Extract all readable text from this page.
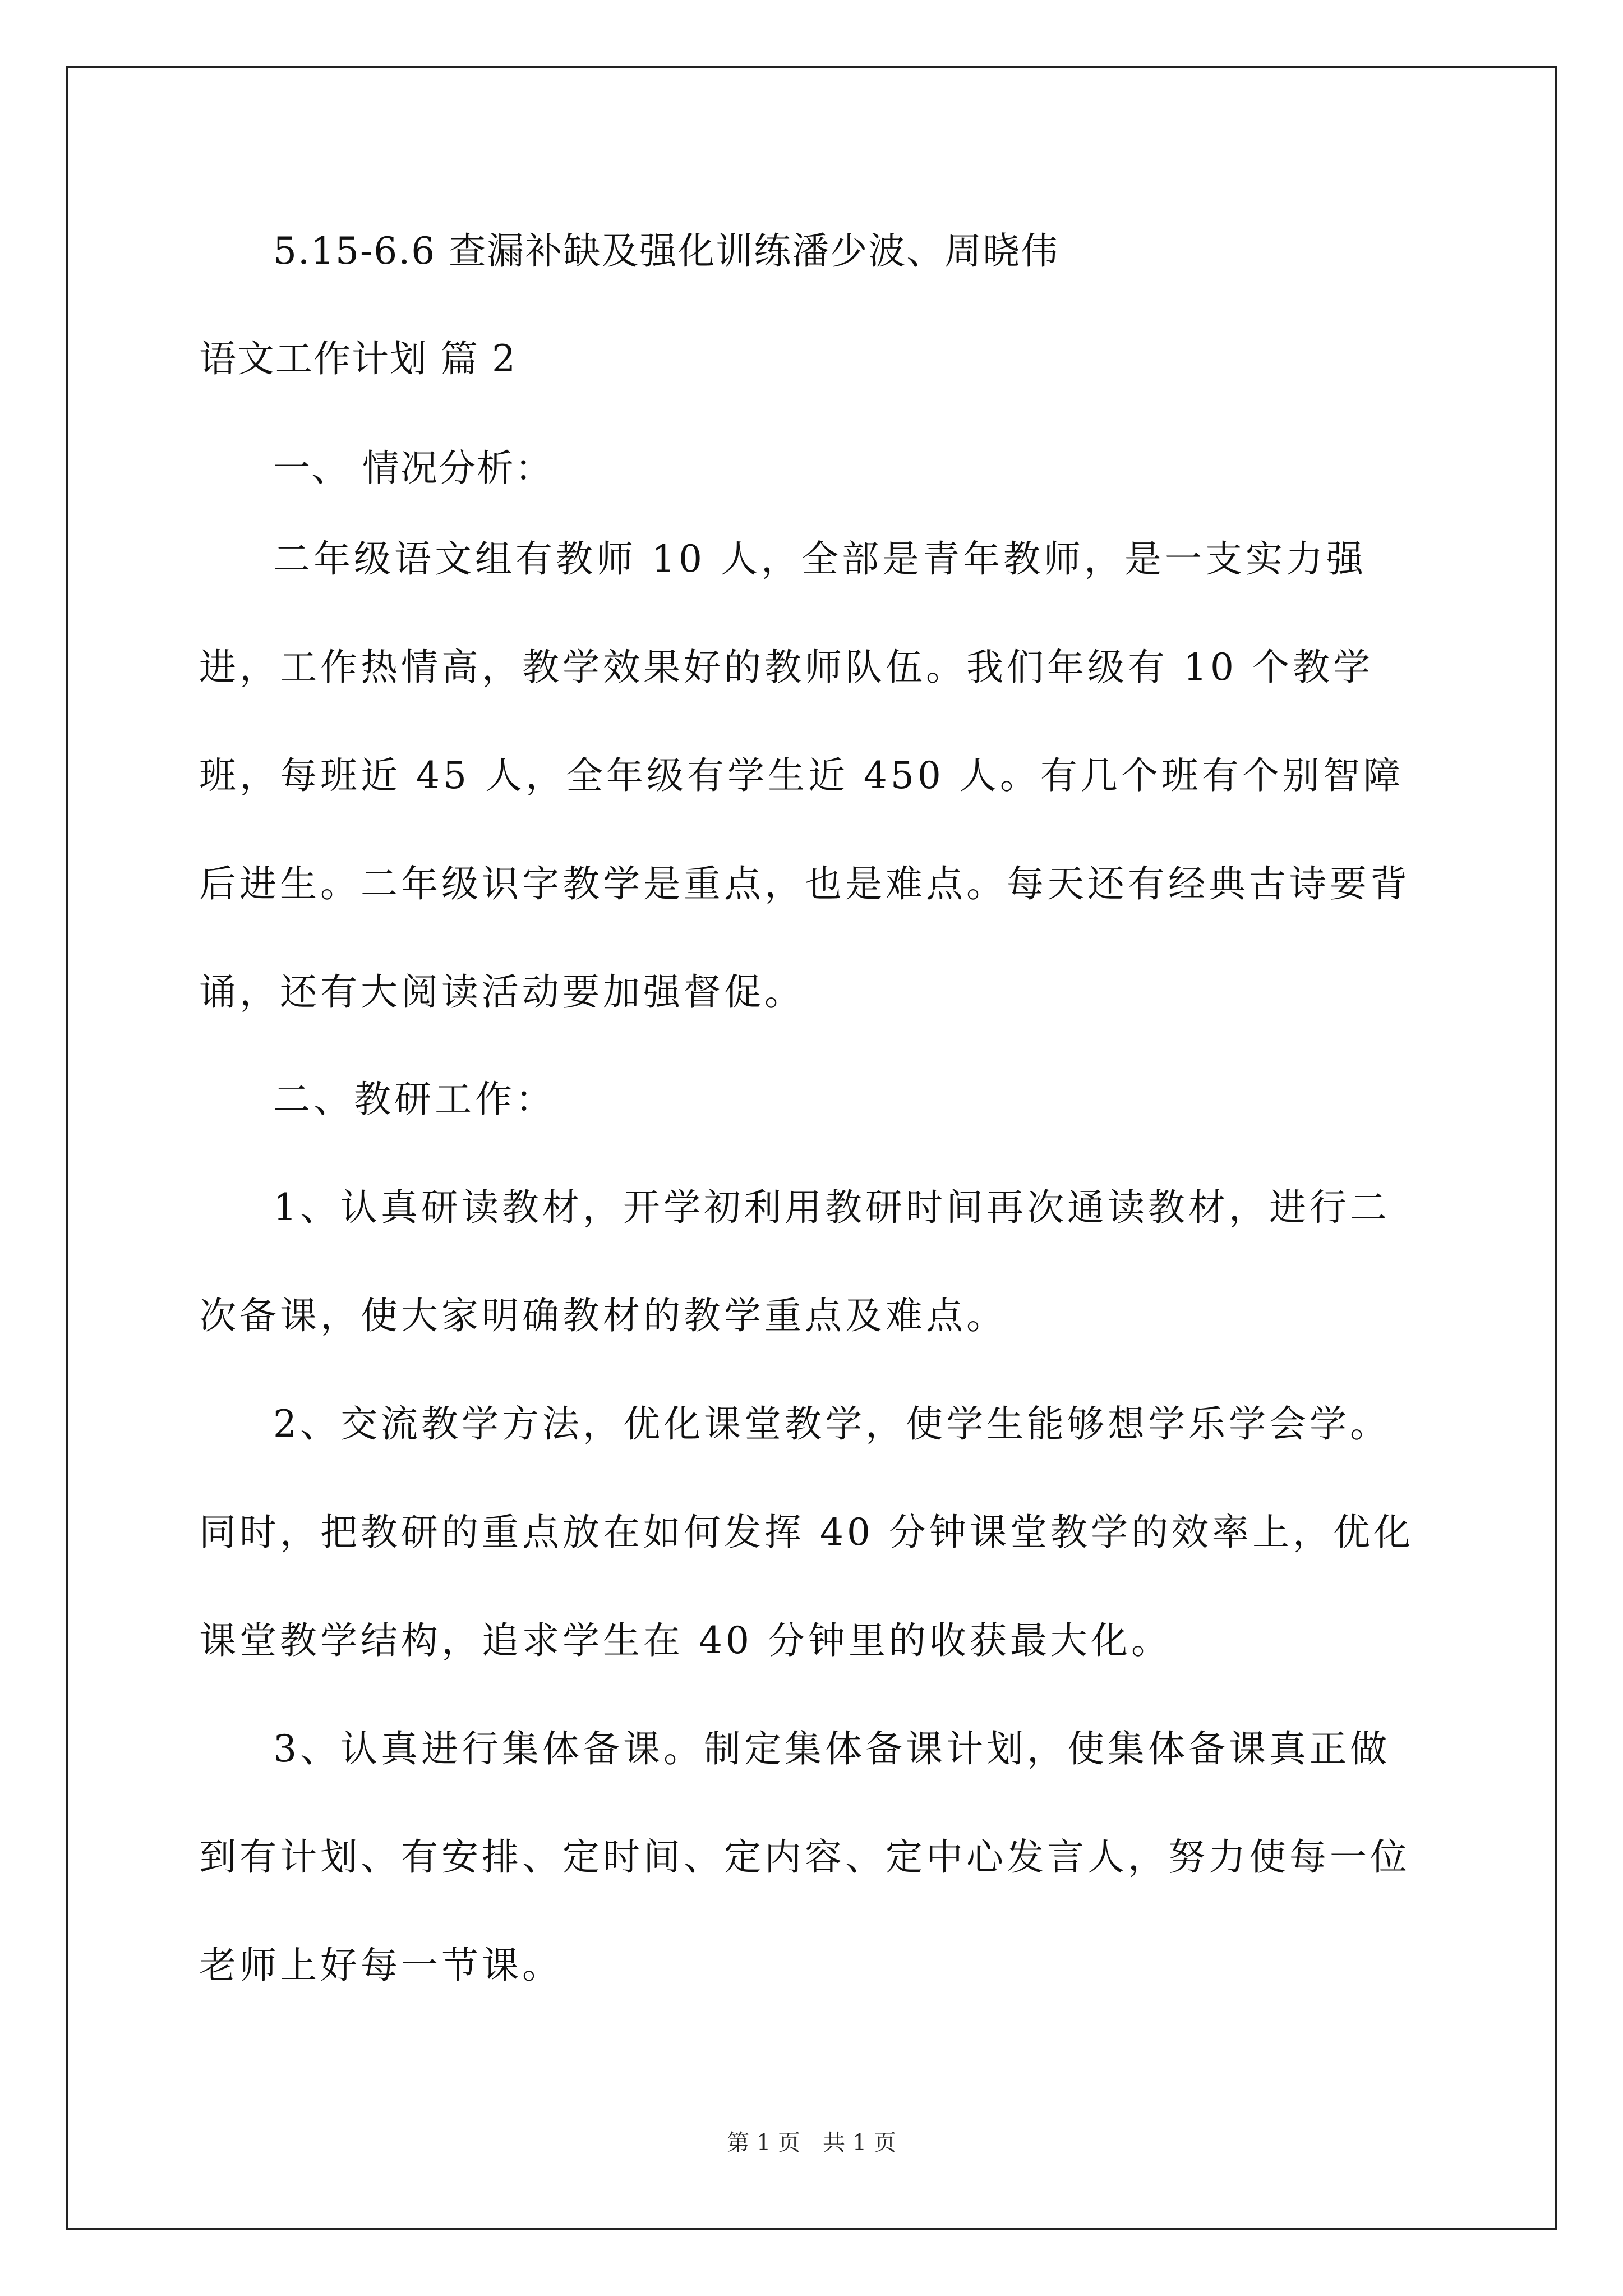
5.15-6.6 查漏补缺及强化训练潘少波、周晓伟
语文工作计划 篇 2
一、 情况分析：

二年级语文组有教师 10 人，全部是青年教师，是一支实力强进，工作热情高，教学效果好的教师队伍。我们年级有 10 个教学班，每班近 45 人，全年级有学生近 450 人。有几个班有个别智障后进生。二年级识字教学是重点，也是难点。每天还有经典古诗要背诵，还有大阅读活动要加强督促。

二、教研工作：

1、认真研读教材，开学初利用教研时间再次通读教材，进行二次备课，使大家明确教材的教学重点及难点。

2、交流教学方法，优化课堂教学，使学生能够想学乐学会学。同时，把教研的重点放在如何发挥 40 分钟课堂教学的效率上，优化课堂教学结构，追求学生在 40 分钟里的收获最大化。

3、认真进行集体备课。制定集体备课计划，使集体备课真正做到有计划、有安排、定时间、定内容、定中心发言人，努力使每一位老师上好每一节课。

第 1 页　共 1 页
